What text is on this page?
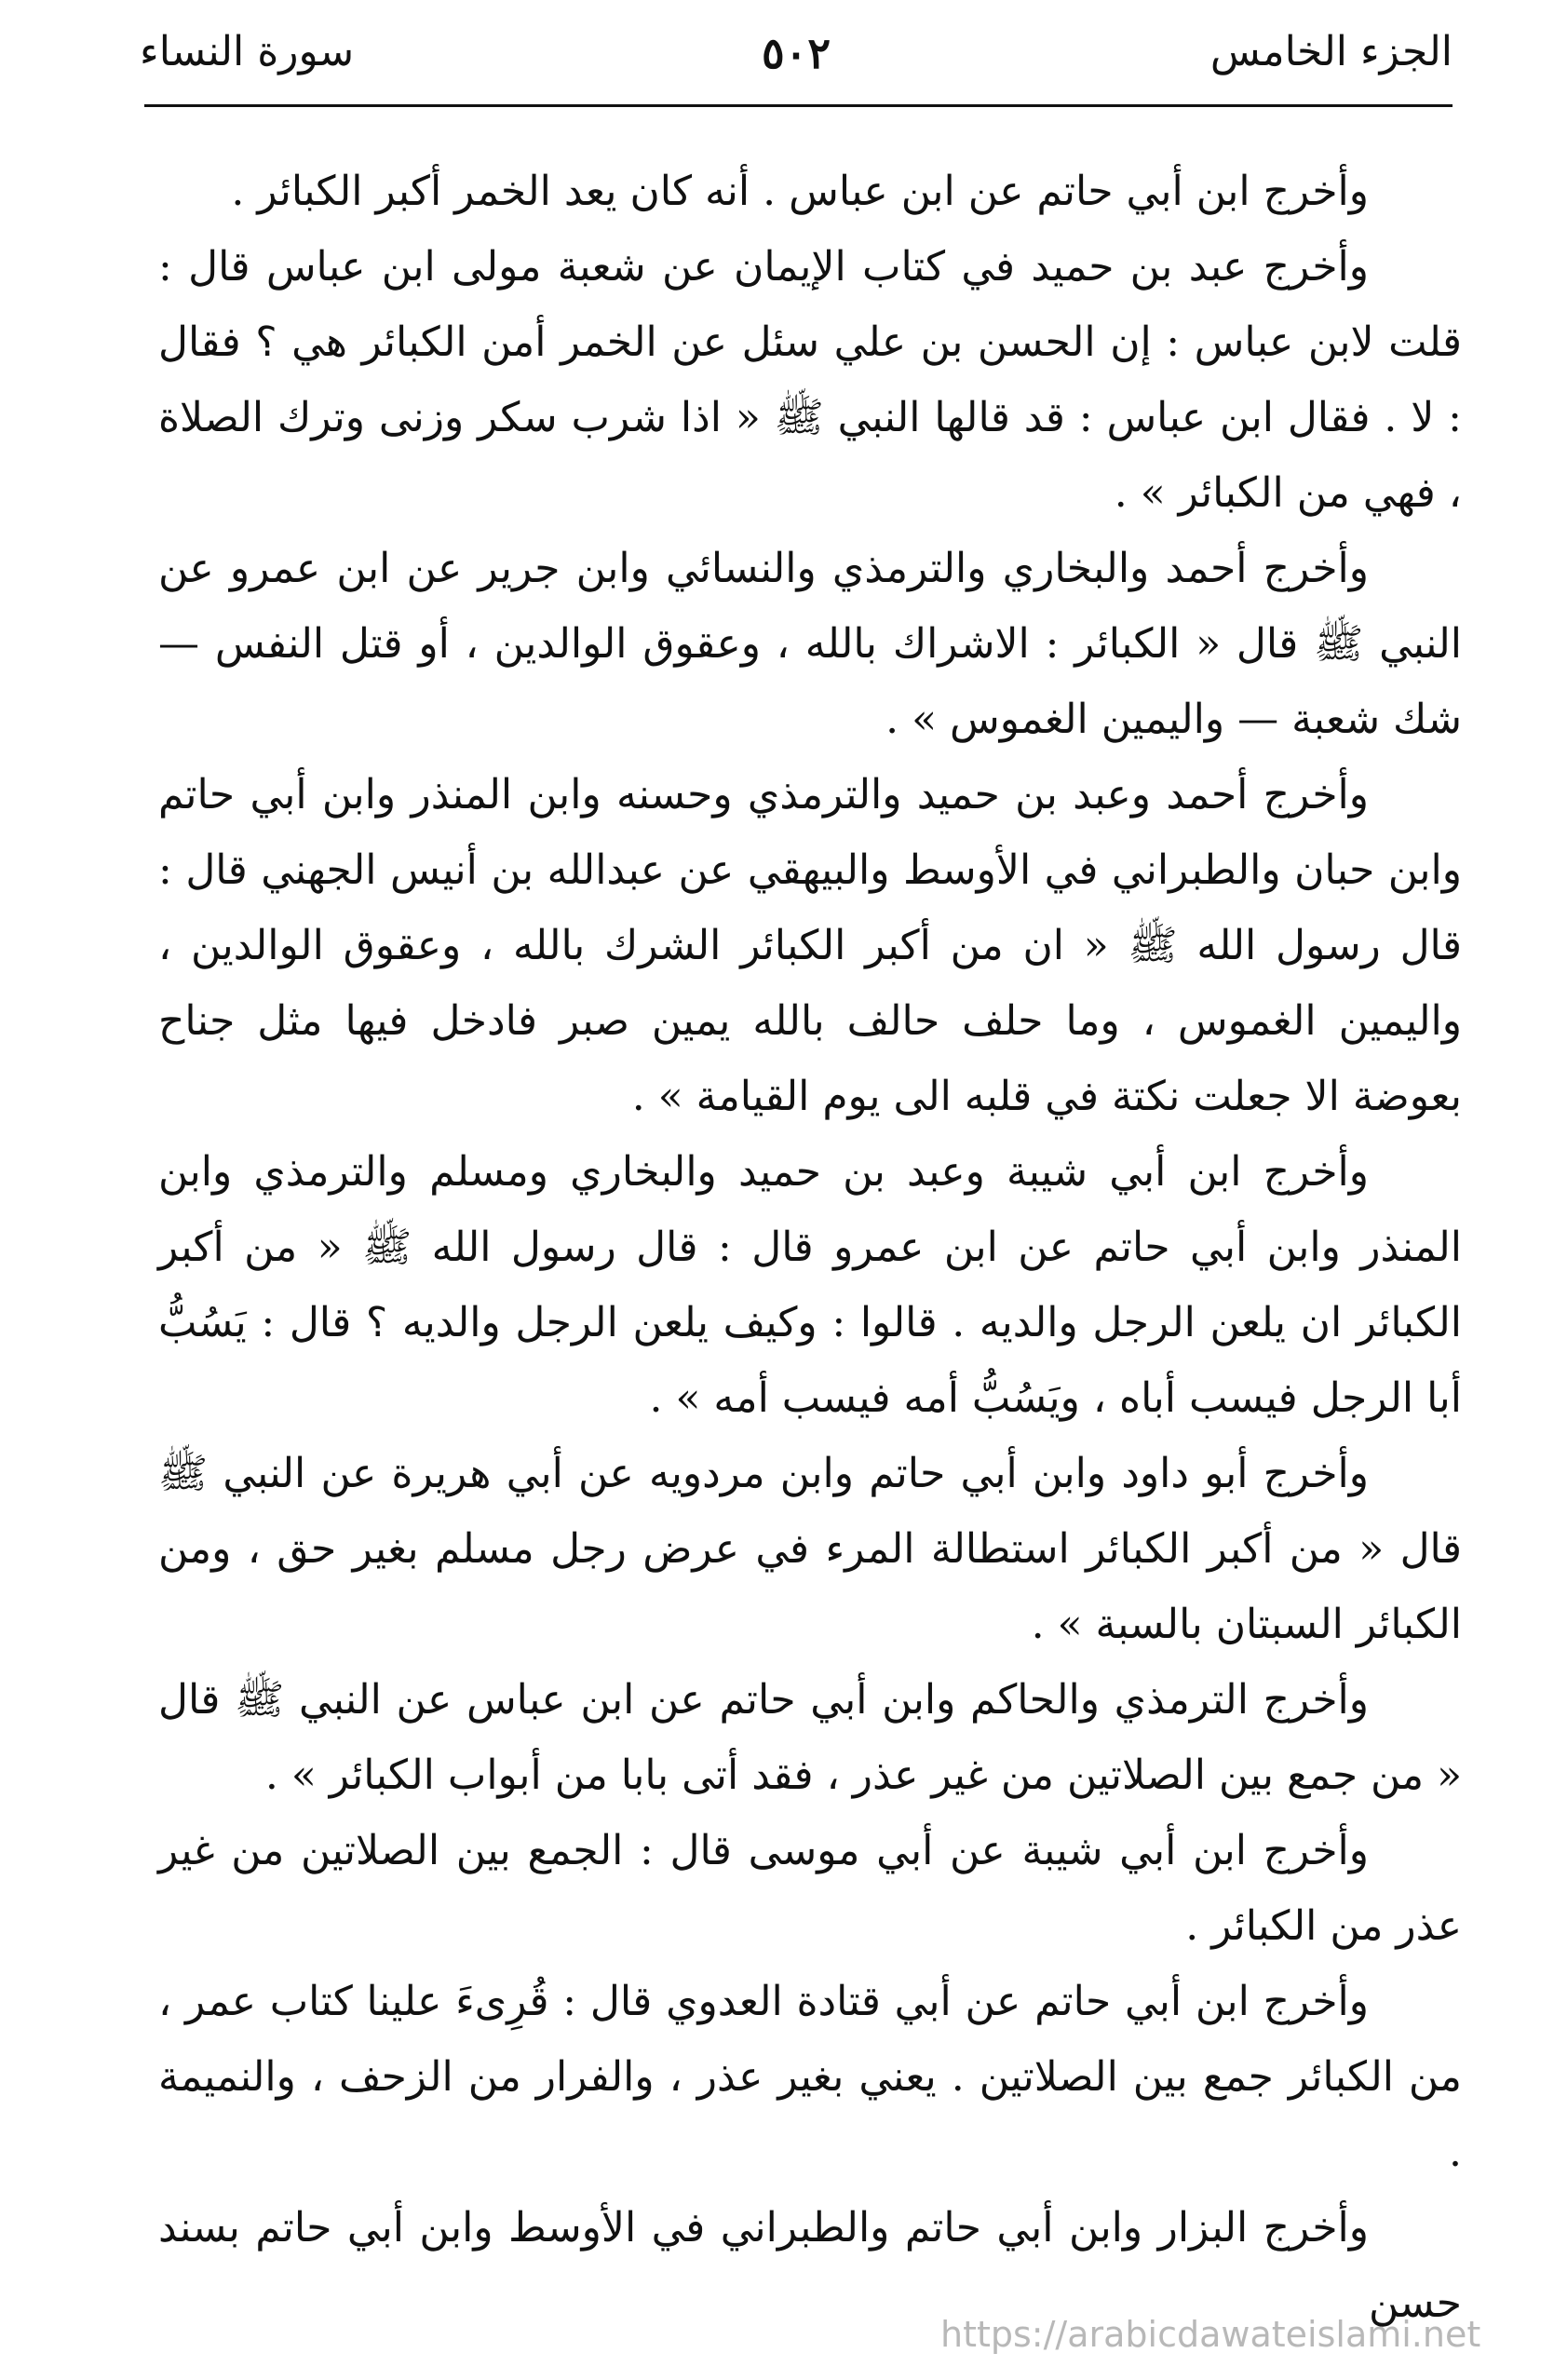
الجزء الخامس
٥٠٢
سورة النساء

وأخرج ابن أبي حاتم عن ابن عباس . أنه كان يعد الخمر أكبر الكبائر .

وأخرج عبد بن حميد في كتاب الإيمان عن شعبة مولى ابن عباس قال : قلت لابن عباس : إن الحسن بن علي سئل عن الخمر أمن الكبائر هي ؟ فقال : لا . فقال ابن عباس : قد قالها النبي ﷺ « اذا شرب سكر وزنى وترك الصلاة ، فهي من الكبائر » .

وأخرج أحمد والبخاري والترمذي والنسائي وابن جرير عن ابن عمرو عن النبي ﷺ قال « الكبائر : الاشراك بالله ، وعقوق الوالدين ، أو قتل النفس — شك شعبة — واليمين الغموس » .

وأخرج أحمد وعبد بن حميد والترمذي وحسنه وابن المنذر وابن أبي حاتم وابن حبان والطبراني في الأوسط والبيهقي عن عبدالله بن أنيس الجهني قال : قال رسول الله ﷺ « ان من أكبر الكبائر الشرك بالله ، وعقوق الوالدين ، واليمين الغموس ، وما حلف حالف بالله يمين صبر فادخل فيها مثل جناح بعوضة الا جعلت نكتة في قلبه الى يوم القيامة » .

وأخرج ابن أبي شيبة وعبد بن حميد والبخاري ومسلم والترمذي وابن المنذر وابن أبي حاتم عن ابن عمرو قال : قال رسول الله ﷺ « من أكبر الكبائر ان يلعن الرجل والديه . قالوا : وكيف يلعن الرجل والديه ؟ قال : يَسُبُّ أبا الرجل فيسب أباه ، ويَسُبُّ أمه فيسب أمه » .

وأخرج أبو داود وابن أبي حاتم وابن مردويه عن أبي هريرة عن النبي ﷺ قال « من أكبر الكبائر استطالة المرء في عرض رجل مسلم بغير حق ، ومن الكبائر السبتان بالسبة » .

وأخرج الترمذي والحاكم وابن أبي حاتم عن ابن عباس عن النبي ﷺ قال « من جمع بين الصلاتين من غير عذر ، فقد أتى بابا من أبواب الكبائر » .

وأخرج ابن أبي شيبة عن أبي موسى قال : الجمع بين الصلاتين من غير عذر من الكبائر .

وأخرج ابن أبي حاتم عن أبي قتادة العدوي قال : قُرِىءَ علينا كتاب عمر ، من الكبائر جمع بين الصلاتين . يعني بغير عذر ، والفرار من الزحف ، والنميمة .

وأخرج البزار وابن أبي حاتم والطبراني في الأوسط وابن أبي حاتم بسند حسن

https://arabicdawateislami.net
